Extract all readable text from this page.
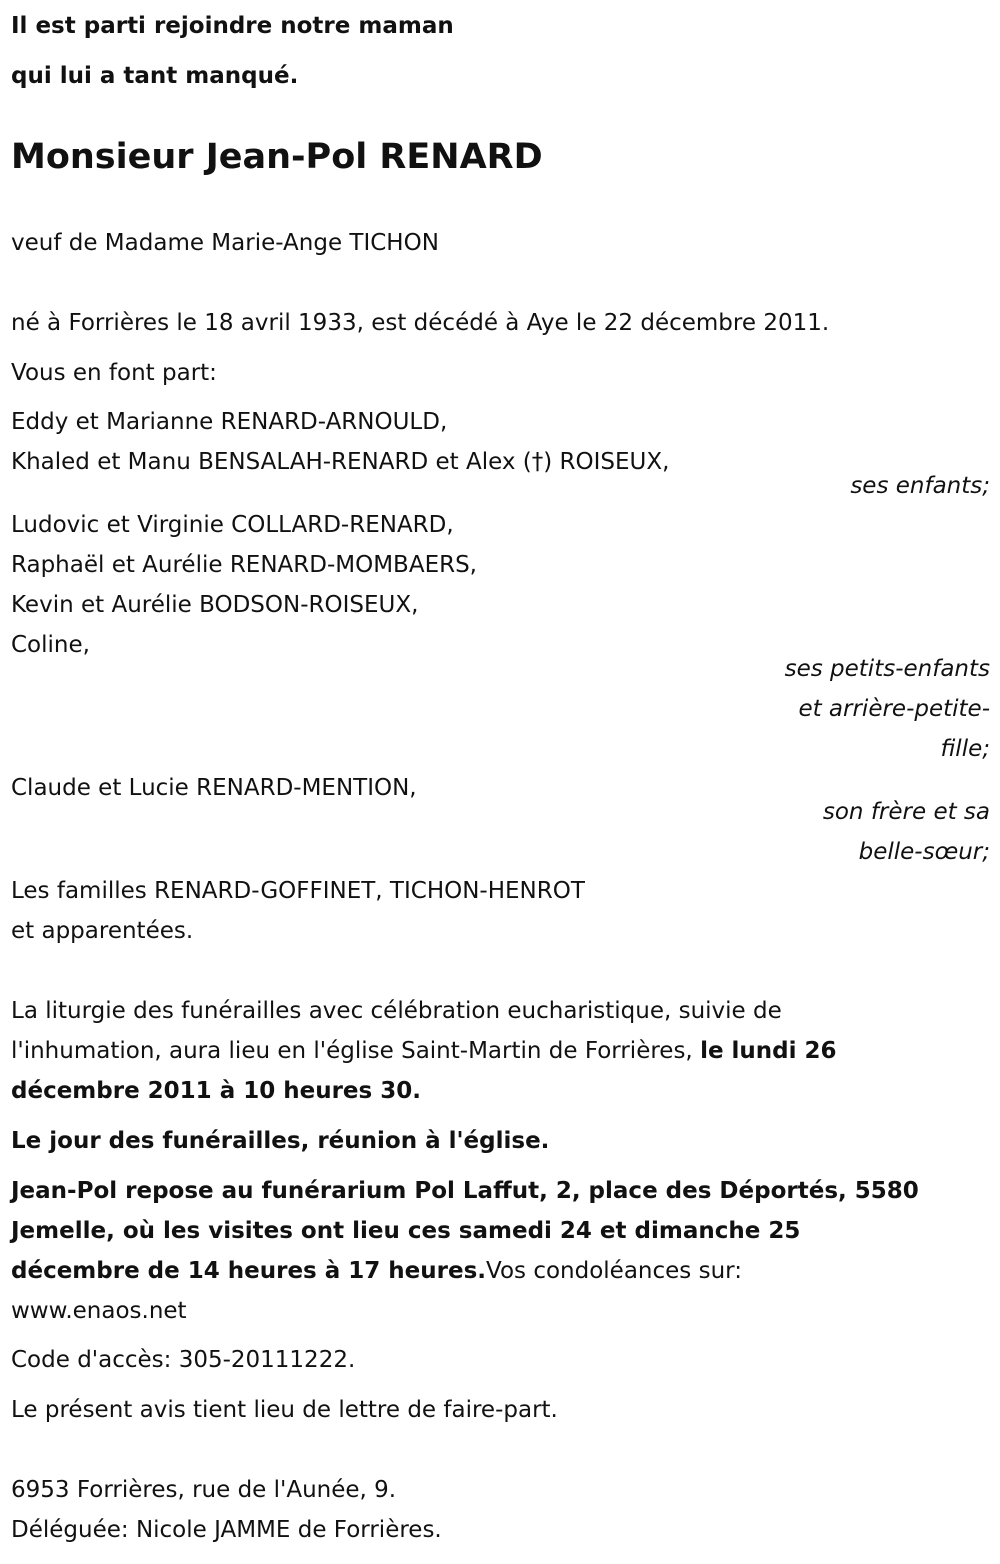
Il est parti rejoindre notre maman
qui lui a tant manqué.
Monsieur Jean-Pol RENARD
veuf de Madame Marie-Ange TICHON
né à Forrières le 18 avril 1933, est décédé à Aye le 22 décembre 2011.
Vous en font part:
Eddy et Marianne RENARD-ARNOULD,
Khaled et Manu BENSALAH-RENARD et Alex (†) ROISEUX,
ses enfants;
Ludovic et Virginie COLLARD-RENARD,
Raphaël et Aurélie RENARD-MOMBAERS,
Kevin et Aurélie BODSON-ROISEUX,
Coline,
ses petits-enfants
et arrière-petite-
fille;
Claude et Lucie RENARD-MENTION,
son frère et sa
belle-sœur;
Les familles RENARD-GOFFINET, TICHON-HENROT
et apparentées.
La liturgie des funérailles avec célébration eucharistique, suivie de
l'inhumation, aura lieu en l'église Saint-Martin de Forrières, le lundi 26
décembre 2011 à 10 heures 30.
Le jour des funérailles, réunion à l'église.
Jean-Pol repose au funérarium Pol Laffut, 2, place des Déportés, 5580
Jemelle, où les visites ont lieu ces samedi 24 et dimanche 25
décembre de 14 heures à 17 heures.Vos condoléances sur:
www.enaos.net
Code d'accès: 305-20111222.
Le présent avis tient lieu de lettre de faire-part.
6953 Forrières, rue de l'Aunée, 9.
Déléguée: Nicole JAMME de Forrières.
